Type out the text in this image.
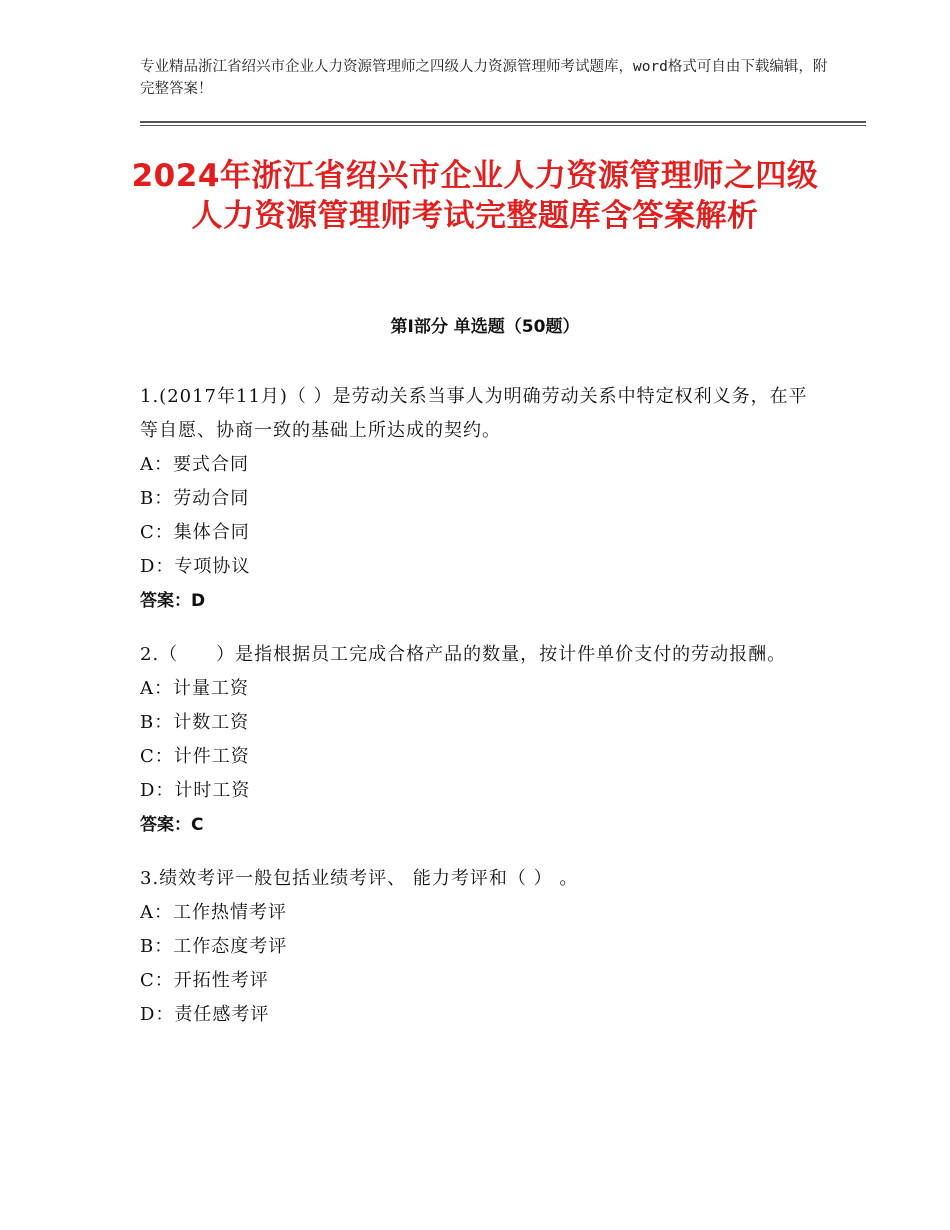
专业精品浙江省绍兴市企业人力资源管理师之四级人力资源管理师考试题库，word格式可自由下载编辑，附完整答案！
2024年浙江省绍兴市企业人力资源管理师之四级人力资源管理师考试完整题库含答案解析
第Ⅰ部分 单选题（50题）

1.(2017年11月)（ ）是劳动关系当事人为明确劳动关系中特定权利义务，在平等自愿、协商一致的基础上所达成的契约。

A：要式合同
B：劳动合同
C：集体合同
D：专项协议
答案：D

2.（　　）是指根据员工完成合格产品的数量，按计件单价支付的劳动报酬。

A：计量工资
B：计数工资
C：计件工资
D：计时工资
答案：C

3.绩效考评一般包括业绩考评、 能力考评和（ ） 。

A：工作热情考评
B：工作态度考评
C：开拓性考评
D：责任感考评
